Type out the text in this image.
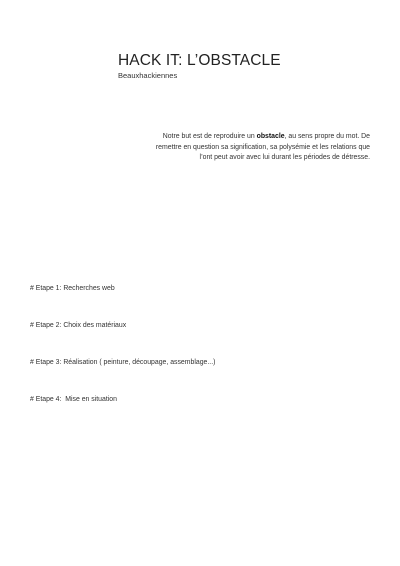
HACK IT: L’OBSTACLE

Beauxhackiennes

Notre but est de reproduire un obstacle, au sens propre du mot. De remettre en question sa signification, sa polysémie et les relations que l’ont peut avoir avec lui durant les périodes de détresse.

# Etape 1: Recherches web

# Etape 2: Choix des matériaux

# Etape 3: Réalisation ( peinture, découpage, assemblage...)

# Etape 4:  Mise en situation
